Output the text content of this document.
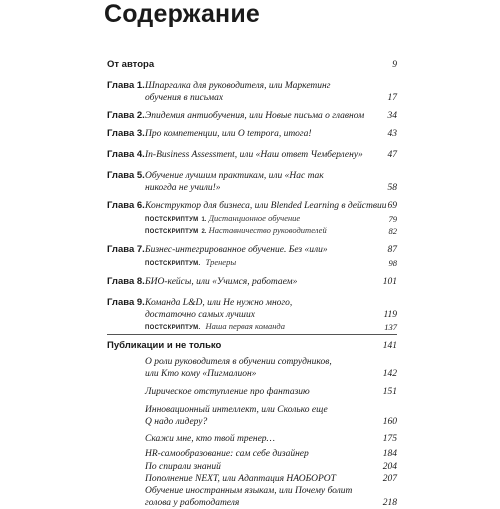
Содержание
От автора	9
Глава 1. Шпаргалка для руководителя, или Маркетинг обучения в письмах	17
Глава 2. Эпидемия антиобучения, или Новые письма о главном	34
Глава 3. Про компетенции, или O tempora, итога!	43
Глава 4. In-Business Assessment, или «Наш ответ Чемберлену»	47
Глава 5. Обучение лучшим практикам, или «Нас так никогда не учили!»	58
Глава 6. Конструктор для бизнеса, или Blended Learning в действии 69
ПОСТСКРИПТУМ 1. Дистанционное обучение	79
ПОСТСКРИПТУМ 2. Наставничество руководителей	82
Глава 7. Бизнес-интегрированное обучение. Без «или»	87
ПОСТСКРИПТУМ. Тренеры	98
Глава 8. БИО-кейсы, или «Учимся, работаем»	101
Глава 9. Команда L&D, или Не нужно много, достаточно самых лучших	119
ПОСТСКРИПТУМ. Наша первая команда	137
Публикации и не только	141
О роли руководителя в обучении сотрудников, или Кто кому «Пигмалион»	142
Лирическое отступление про фантазию	151
Инновационный интеллект, или Сколько еще Q надо лидеру?	160
Скажи мне, кто твой тренер…	175
HR-самообразование: сам себе дизайнер	184
По спирали знаний	204
Пополнение NEXT, или Адаптация НАОБОРОТ	207
Обучение иностранным языкам, или Почему болит голова у работодателя	218
